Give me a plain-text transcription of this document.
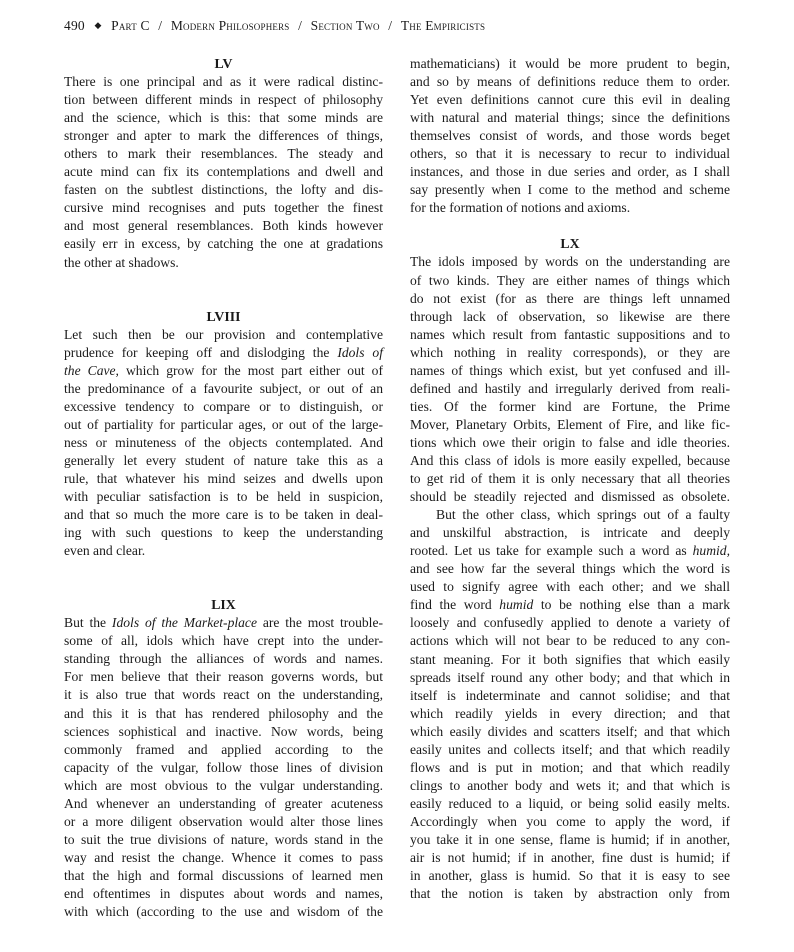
490 ◆ Part C / Modern Philosophers / Section Two / The Empiricists
LV
There is one principal and as it were radical distinc-
tion between different minds in respect of philosophy
and the science, which is this: that some minds are
stronger and apter to mark the differences of things,
others to mark their resemblances. The steady and
acute mind can fix its contemplations and dwell and
fasten on the subtlest distinctions, the lofty and dis-
cursive mind recognises and puts together the finest
and most general resemblances. Both kinds however
easily err in excess, by catching the one at gradations
the other at shadows.
LVIII
Let such then be our provision and contemplative
prudence for keeping off and dislodging the Idols of
the Cave, which grow for the most part either out of
the predominance of a favourite subject, or out of an
excessive tendency to compare or to distinguish, or
out of partiality for particular ages, or out of the large-
ness or minuteness of the objects contemplated. And
generally let every student of nature take this as a
rule, that whatever his mind seizes and dwells upon
with peculiar satisfaction is to be held in suspicion,
and that so much the more care is to be taken in deal-
ing with such questions to keep the understanding
even and clear.
LIX
But the Idols of the Market-place are the most trouble-
some of all, idols which have crept into the under-
standing through the alliances of words and names.
For men believe that their reason governs words, but
it is also true that words react on the understanding,
and this it is that has rendered philosophy and the
sciences sophistical and inactive. Now words, being
commonly framed and applied according to the
capacity of the vulgar, follow those lines of division
which are most obvious to the vulgar understanding.
And whenever an understanding of greater acuteness
or a more diligent observation would alter those lines
to suit the true divisions of nature, words stand in the
way and resist the change. Whence it comes to pass
that the high and formal discussions of learned men
end oftentimes in disputes about words and names,
with which (according to the use and wisdom of the
mathematicians) it would be more prudent to begin,
and so by means of definitions reduce them to order.
Yet even definitions cannot cure this evil in dealing
with natural and material things; since the definitions
themselves consist of words, and those words beget
others, so that it is necessary to recur to individual
instances, and those in due series and order, as I shall
say presently when I come to the method and scheme
for the formation of notions and axioms.
LX
The idols imposed by words on the understanding are
of two kinds. They are either names of things which
do not exist (for as there are things left unnamed
through lack of observation, so likewise are there
names which result from fantastic suppositions and to
which nothing in reality corresponds), or they are
names of things which exist, but yet confused and ill-
defined and hastily and irregularly derived from reali-
ties. Of the former kind are Fortune, the Prime
Mover, Planetary Orbits, Element of Fire, and like fic-
tions which owe their origin to false and idle theories.
And this class of idols is more easily expelled, because
to get rid of them it is only necessary that all theories
should be steadily rejected and dismissed as obsolete.
But the other class, which springs out of a faulty
and unskilful abstraction, is intricate and deeply
rooted. Let us take for example such a word as humid,
and see how far the several things which the word is
used to signify agree with each other; and we shall
find the word humid to be nothing else than a mark
loosely and confusedly applied to denote a variety of
actions which will not bear to be reduced to any con-
stant meaning. For it both signifies that which easily
spreads itself round any other body; and that which in
itself is indeterminate and cannot solidise; and that
which readily yields in every direction; and that
which easily divides and scatters itself; and that which
easily unites and collects itself; and that which readily
flows and is put in motion; and that which readily
clings to another body and wets it; and that which is
easily reduced to a liquid, or being solid easily melts.
Accordingly when you come to apply the word, if
you take it in one sense, flame is humid; if in another,
air is not humid; if in another, fine dust is humid; if
in another, glass is humid. So that it is easy to see
that the notion is taken by abstraction only from
